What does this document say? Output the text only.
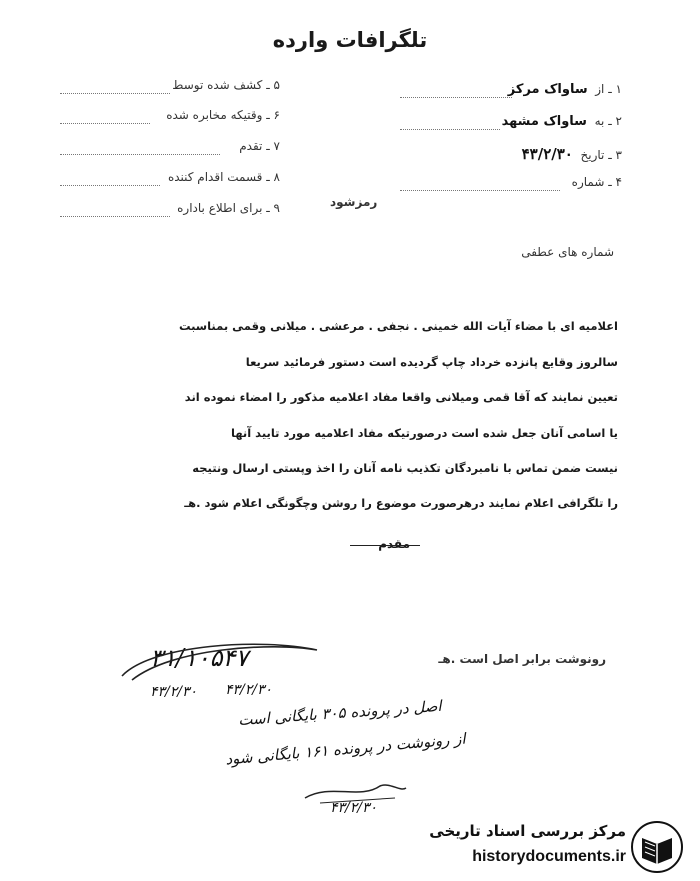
تلگرافات وارده
۱ ـ از  ساواک مرکز
۲ ـ به  ساواک مشهد
۳ ـ تاریخ  ۴۳/۲/۳۰
۴ ـ شماره
۵ ـ کشف شده توسط
۶ ـ وقتیکه مخابره شده
۷ ـ تقدم
۸ ـ قسمت اقدام کننده
۹ ـ برای اطلاع باداره	رمزشود
شماره های عطفی
اعلامیه ای با مضاء آیات الله خمینی . نجفی . مرعشی . میلانی وقمی بمناسبت
سالروز وقایع پانزده خرداد چاپ گردیده است دستور فرمائید سریعا
تعیین نمایند که آقا قمی ومیلانی واقعا مفاد اعلامیه مذکور را امضاء نموده اند
یا اسامی آنان جعل شده است درصورتیکه مفاد اعلامیه مورد تایید آنها
نیست ضمن تماس با نامبردگان تکذیب نامه آنان را اخذ وپستی ارسال ونتیجه
را تلگرافی اعلام نمایند درهرصورت موضوع را روشن وچگونگی اعلام شود .هـ
مقدم
رونوشت برابر اصل است .هـ
۳۱/۱۰۵۴۷
۴۳/۲/۳۰ ۴۳/۲/۳۰
اصل در پرونده ۳۰۵ بایگانی است
از رونوشت در پرونده ۱۶۱ بایگانی شود
۴۳/۲/۳۰
مرکز بررسی اسناد تاریخی
historydocuments.ir
